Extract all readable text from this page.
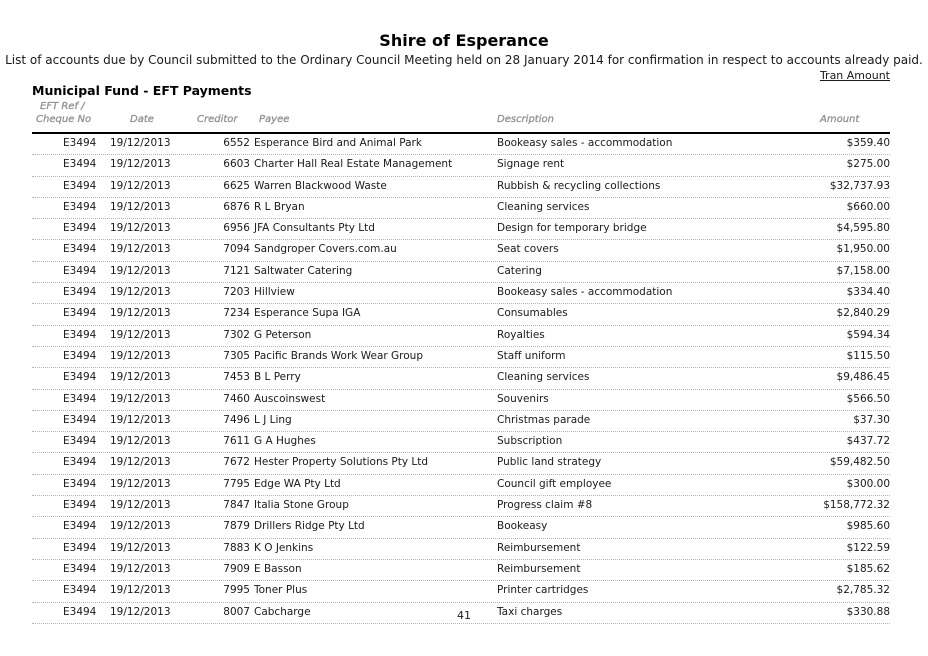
Shire of Esperance
List of accounts due by Council submitted to the Ordinary Council Meeting held on 28 January 2014 for confirmation in respect to accounts already paid.
Tran Amount
Municipal Fund - EFT Payments
EFT Ref /
Cheque No	Date	Creditor Payee	Description	Amount
E3494 19/12/2013	6552 Esperance Bird and Animal Park	Bookeasy sales - accommodation	$359.40
E3494 19/12/2013	6603 Charter Hall Real Estate Management	Signage rent	$275.00
E3494 19/12/2013	6625 Warren Blackwood Waste	Rubbish & recycling collections	$32,737.93
E3494 19/12/2013	6876 R L Bryan	Cleaning services	$660.00
E3494 19/12/2013	6956 JFA Consultants Pty Ltd	Design for temporary bridge	$4,595.80
E3494 19/12/2013	7094 Sandgroper Covers.com.au	Seat covers	$1,950.00
E3494 19/12/2013	7121 Saltwater Catering	Catering	$7,158.00
E3494 19/12/2013	7203 Hillview	Bookeasy sales - accommodation	$334.40
E3494 19/12/2013	7234 Esperance Supa IGA	Consumables	$2,840.29
E3494 19/12/2013	7302 G Peterson	Royalties	$594.34
E3494 19/12/2013	7305 Pacific Brands Work Wear Group	Staff uniform	$115.50
E3494 19/12/2013	7453 B L Perry	Cleaning services	$9,486.45
E3494 19/12/2013	7460 Auscoinswest	Souvenirs	$566.50
E3494 19/12/2013	7496 L J Ling	Christmas parade	$37.30
E3494 19/12/2013	7611 G A Hughes	Subscription	$437.72
E3494 19/12/2013	7672 Hester Property Solutions Pty Ltd	Public land strategy	$59,482.50
E3494 19/12/2013	7795 Edge WA Pty Ltd	Council gift employee	$300.00
E3494 19/12/2013	7847 Italia Stone Group	Progress claim #8	$158,772.32
E3494 19/12/2013	7879 Drillers Ridge Pty Ltd	Bookeasy	$985.60
E3494 19/12/2013	7883 K O Jenkins	Reimbursement	$122.59
E3494 19/12/2013	7909 E Basson	Reimbursement	$185.62
E3494 19/12/2013	7995 Toner Plus	Printer cartridges	$2,785.32
E3494 19/12/2013	8007 Cabcharge	Taxi charges	$330.88
41
